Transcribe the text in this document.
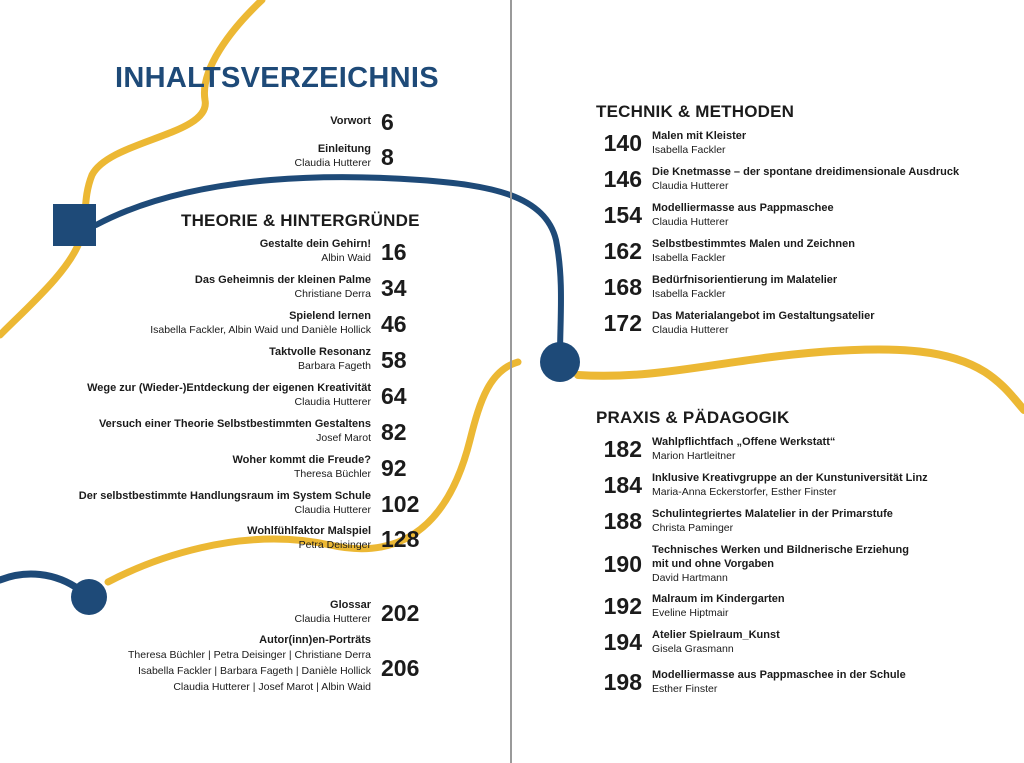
INHALTSVERZEICHNIS
Vorwort 6
Einleitung
Claudia Hutterer 8
THEORIE & HINTERGRÜNDE
Gestalte dein Gehirn!
Albin Waid 16
Das Geheimnis der kleinen Palme
Christiane Derra 34
Spielend lernen
Isabella Fackler, Albin Waid und Danièle Hollick 46
Taktvolle Resonanz
Barbara Fageth 58
Wege zur (Wieder-)Entdeckung der eigenen Kreativität
Claudia Hutterer 64
Versuch einer Theorie Selbstbestimmten Gestaltens
Josef Marot 82
Woher kommt die Freude?
Theresa Büchler 92
Der selbstbestimmte Handlungsraum im System Schule
Claudia Hutterer 102
Wohlfühlfaktor Malspiel
Petra Deisinger 128
Glossar
Claudia Hutterer 202
Autor(inn)en-Porträts
Theresa Büchler | Petra Deisinger | Christiane Derra
Isabella Fackler | Barbara Fageth | Danièle Hollick
Claudia Hutterer | Josef Marot | Albin Waid
206
TECHNIK & METHODEN
140 Malen mit Kleister
Isabella Fackler
146 Die Knetmasse – der spontane dreidimensionale Ausdruck
Claudia Hutterer
154 Modelliermasse aus Pappmaschee
Claudia Hutterer
162 Selbstbestimmtes Malen und Zeichnen
Isabella Fackler
168 Bedürfnisorientierung im Malatelier
Isabella Fackler
172 Das Materialangebot im Gestaltungsatelier
Claudia Hutterer
PRAXIS & PÄDAGOGIK
182 Wahlpflichtfach „Offene Werkstatt“
Marion Hartleitner
184 Inklusive Kreativgruppe an der Kunstuniversität Linz
Maria-Anna Eckerstorfer, Esther Finster
188 Schulintegriertes Malatelier in der Primarstufe
Christa Paminger
190
Technisches Werken und Bildnerische Erziehung
mit und ohne Vorgaben
David Hartmann
192 Malraum im Kindergarten
Eveline Hiptmair
194 Atelier Spielraum_Kunst
Gisela Grasmann
198 Modelliermasse aus Pappmaschee in der Schule
Esther Finster
